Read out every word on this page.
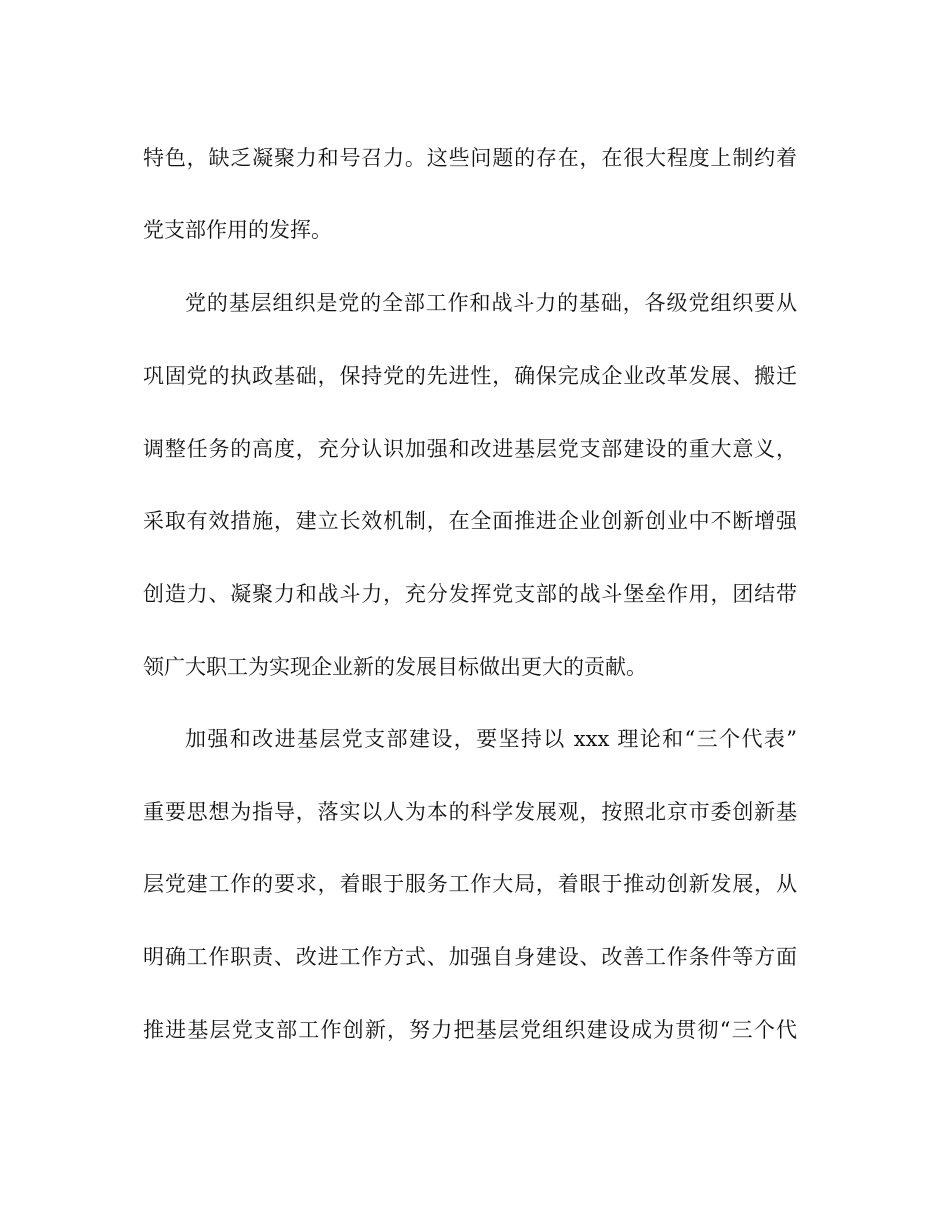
特色，缺乏凝聚力和号召力。这些问题的存在，在很大程度上制约着
党支部作用的发挥。
党的基层组织是党的全部工作和战斗力的基础，各级党组织要从
巩固党的执政基础，保持党的先进性，确保完成企业改革发展、搬迁
调整任务的高度，充分认识加强和改进基层党支部建设的重大意义，
采取有效措施，建立长效机制，在全面推进企业创新创业中不断增强
创造力、凝聚力和战斗力，充分发挥党支部的战斗堡垒作用，团结带
领广大职工为实现企业新的发展目标做出更大的贡献。
加强和改进基层党支部建设，要坚持以 xxx 理论和“三个代表”
重要思想为指导，落实以人为本的科学发展观，按照北京市委创新基
层党建工作的要求，着眼于服务工作大局，着眼于推动创新发展，从
明确工作职责、改进工作方式、加强自身建设、改善工作条件等方面
推进基层党支部工作创新，努力把基层党组织建设成为贯彻“三个代
